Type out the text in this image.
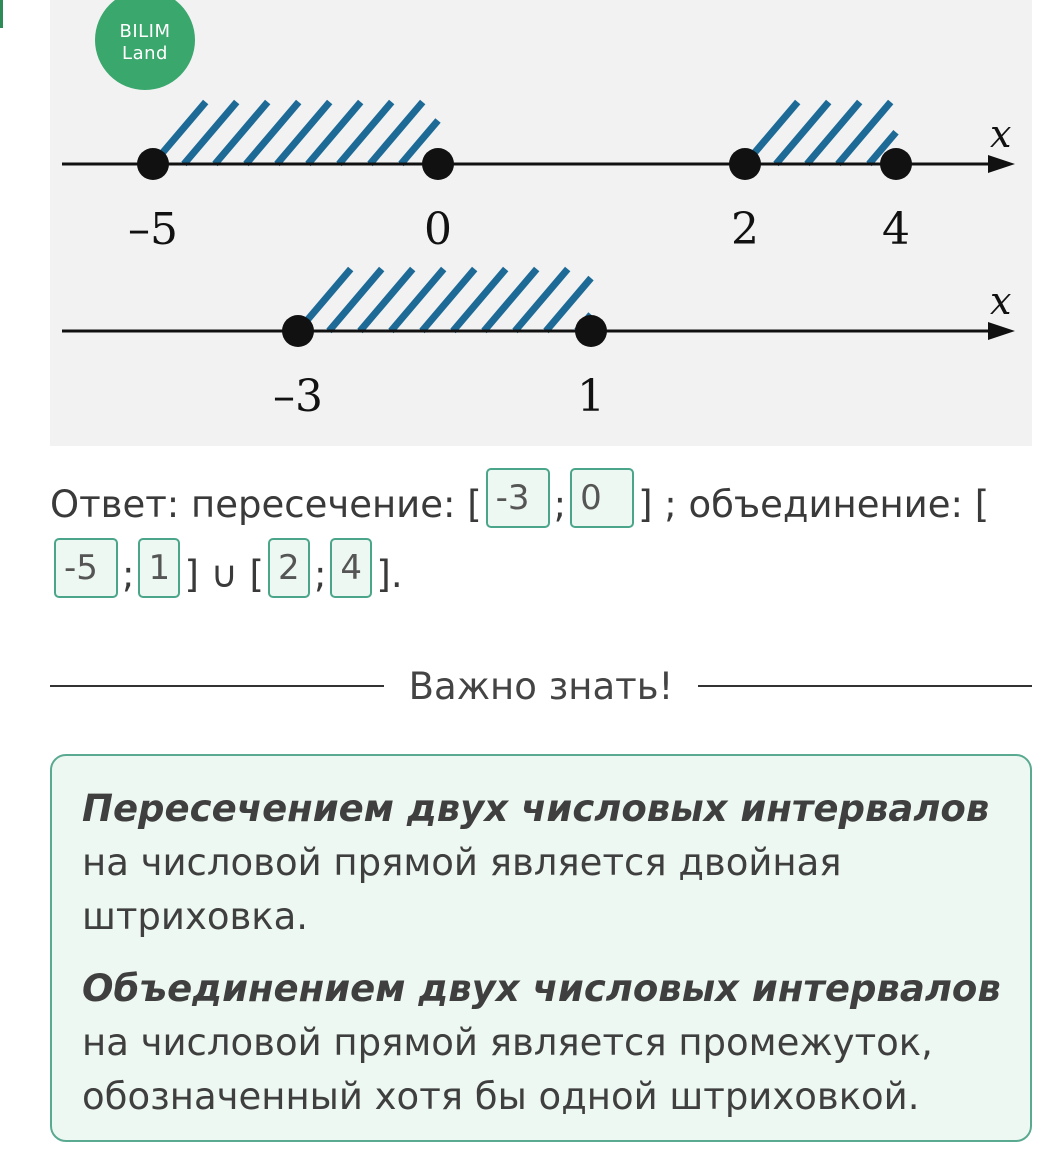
x
–5	0	2	4
x
–3	1
BILIM
Land
Ответ: пересечение: [ -3 ; 0 ] ; объединение: [
-5 ; 1 ] ∪ [ 2 ; 4 ].
Важно знать!

Пересечением двух числовых интервалов на числовой прямой является двойная штриховка.

Объединением двух числовых интервалов на числовой прямой является промежуток, обозначенный хотя бы одной штриховкой.
